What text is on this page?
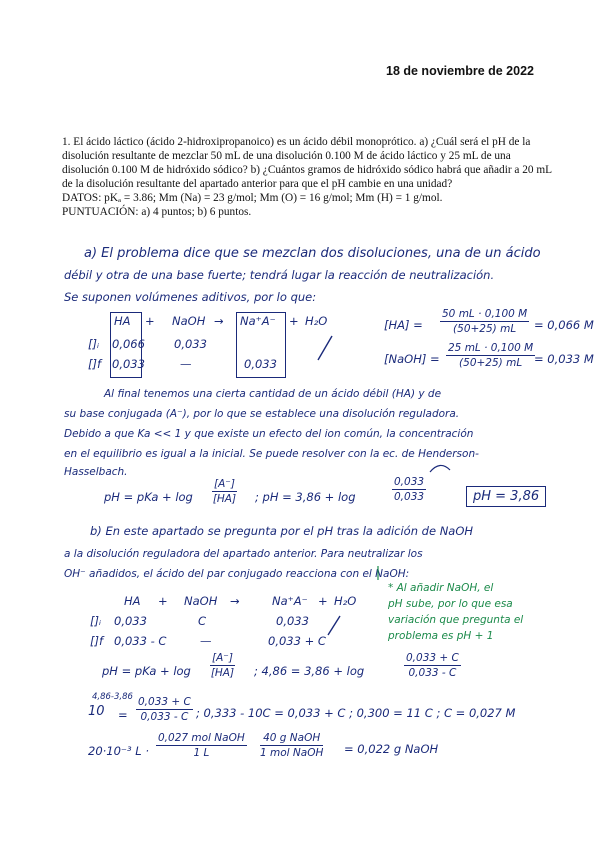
18 de noviembre de 2022

1. El ácido láctico (ácido 2-hidroxipropanoico) es un ácido débil monoprótico. a) ¿Cuál será el pH de la disolución resultante de mezclar 50 mL de una disolución 0.100 M de ácido láctico y 25 mL de una disolución 0.100 M de hidróxido sódico? b) ¿Cuántos gramos de hidróxido sódico habrá que añadir a 20 mL de la disolución resultante del apartado anterior para que el pH cambie en una unidad?

DATOS: pKₐ = 3.86; Mm (Na) = 23 g/mol; Mm (O) = 16 g/mol; Mm (H) = 1 g/mol.

PUNTUACIÓN: a) 4 puntos; b) 6 puntos.

a) El problema dice que se mezclan dos disoluciones, una de un ácido
débil y otra de una base fuerte; tendrá lugar la reacción de neutralización.
Se suponen volúmenes aditivos, por lo que:
HA + NaOH → Na⁺A⁻ + H₂O
[]ᵢ 0,066	0,033
[]f 0,033	—	0,033
$[HA] = \frac{50 mL \cdot 0,100 M}{(50+25) mL} = 0,066$ M
[NaOH] = $\frac{25 mL \cdot 0,100 M}{(50+25) mL}$
= 0,033 M
Al final tenemos una cierta cantidad de un ácido débil (HA) y de
su base conjugada (A⁻), por lo que se establece una disolución reguladora.
Debido a que Ka << 1 y que existe un efecto del ion común, la concentración
en el equilibrio es igual a la inicial. Se puede resolver con la ec. de Henderson-
Hasselbach.
pH = pKa + $\log \frac{[A^-]}{[HA]}$ ; pH = 3,86 + log	$\frac{0,033}{0,033}$	pH = 3,86
b) En este apartado se pregunta por el pH tras la adición de NaOH
a la disolución reguladora del apartado anterior. Para neutralizar los
OH⁻ añadidos, el ácido del par conjugado reacciona con el NaOH:
HA + NaOH →	Na⁺A⁻ + H₂O
[]ᵢ 0,033	C	0,033
[]f 0,033 - C	—	0,033 + C
* Al añadir NaOH, el
pH sube, por lo que esa
variación que pregunta el
problema es pH + 1
pH = pKa + $\log \frac{[A^-]}{[HA]}$ ; 4,86 = 3,86 + log	$\frac{0,033 + C}{0,033 - C}$
4,86-3,86
$10 = \frac{0,033 + C}{0,033 - C}$ ; 0,333 - 10C = 0,033 + C ; 0,300 = 11 C ; C = 0,027 M
20·10⁻³ L ·
0,027 mol NaOH
1 L
40 g NaOH
1 mol NaOH = 0,022 g NaOH
